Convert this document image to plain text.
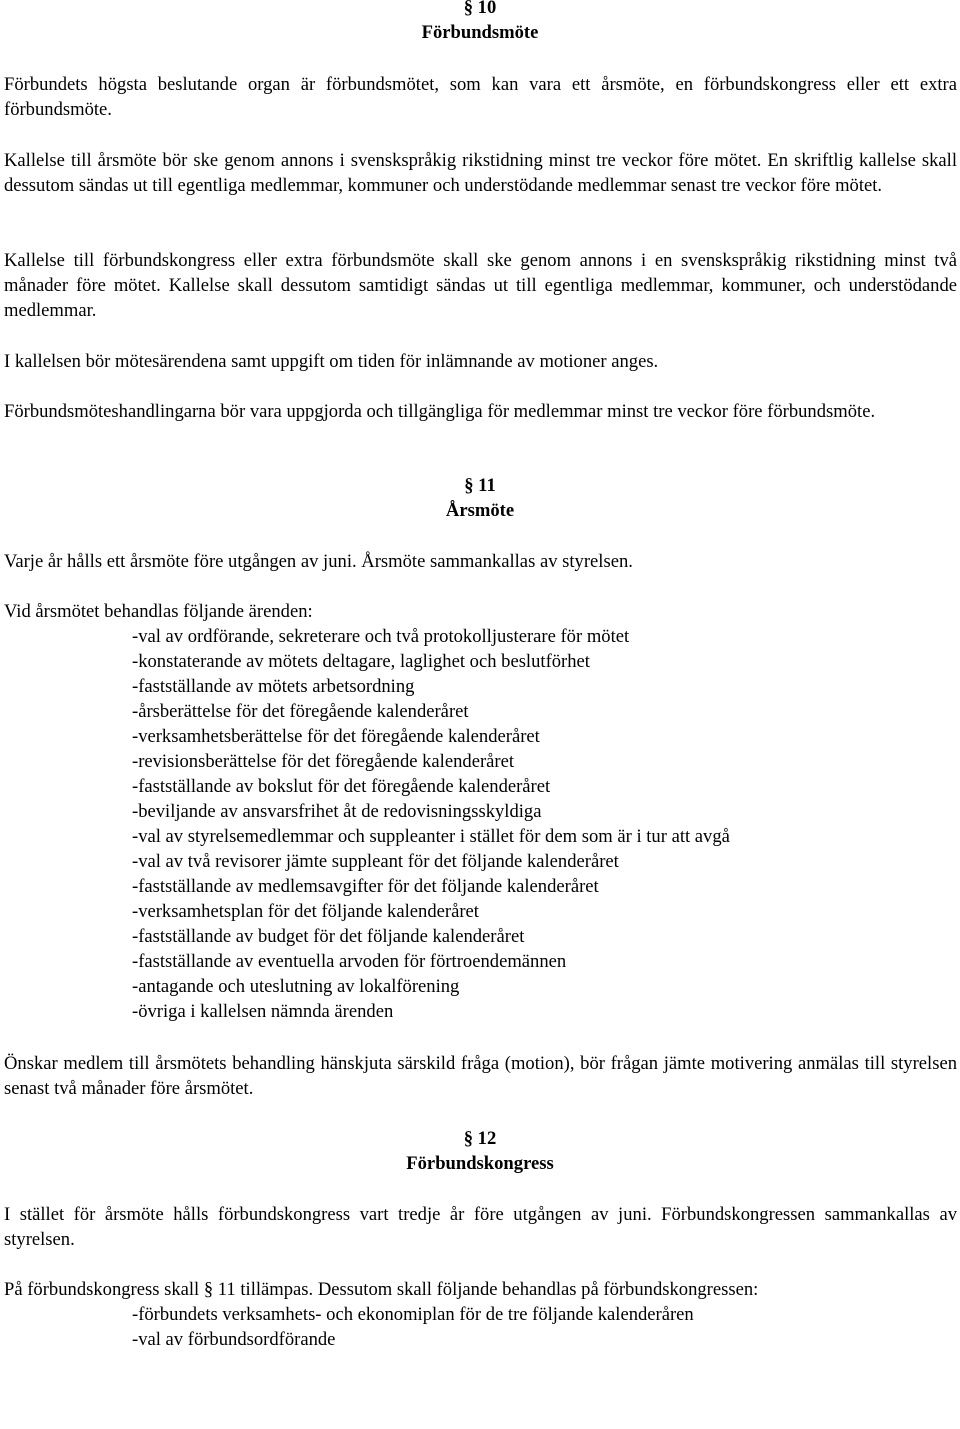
§ 10
Förbundsmöte
Förbundets högsta beslutande organ är förbundsmötet, som kan vara ett årsmöte, en förbundskongress eller ett extra förbundsmöte.
Kallelse till årsmöte bör ske genom annons i svenskspråkig rikstidning minst tre veckor före mötet. En skriftlig kallelse skall dessutom sändas ut till egentliga medlemmar, kommuner och understödande medlemmar senast tre veckor före mötet.
Kallelse till förbundskongress eller extra förbundsmöte skall ske genom annons i en svenskspråkig rikstidning minst två månader före mötet. Kallelse skall dessutom samtidigt sändas ut till egentliga medlemmar, kommuner, och understödande medlemmar.
I kallelsen bör mötesärendena samt uppgift om tiden för inlämnande av motioner anges.
Förbundsmöteshandlingarna bör vara uppgjorda och tillgängliga för medlemmar minst tre veckor före förbundsmöte.
§ 11
Årsmöte
Varje år hålls ett årsmöte före utgången av juni. Årsmöte sammankallas av styrelsen.
Vid årsmötet behandlas följande ärenden:
-val av ordförande, sekreterare och två protokolljusterare för mötet
-konstaterande av mötets deltagare, laglighet och beslutförhet
-fastställande av mötets arbetsordning
-årsberättelse för det föregående kalenderåret
-verksamhetsberättelse för det föregående kalenderåret
-revisionsberättelse för det föregående kalenderåret
-fastställande av bokslut för det föregående kalenderåret
-beviljande av ansvarsfrihet åt de redovisningsskyldiga
-val av styrelsemedlemmar och suppleanter i stället för dem som är i tur att avgå
-val av två revisorer jämte suppleant för det följande kalenderåret
-fastställande av medlemsavgifter för det följande kalenderåret
-verksamhetsplan för det följande kalenderåret
-fastställande av budget för det följande kalenderåret
-fastställande av eventuella arvoden för förtroendemännen
-antagande och uteslutning av lokalförening
-övriga i kallelsen nämnda ärenden
Önskar medlem till årsmötets behandling hänskjuta särskild fråga (motion), bör frågan jämte motivering anmälas till styrelsen senast två månader före årsmötet.
§ 12
Förbundskongress
I stället för årsmöte hålls förbundskongress vart tredje år före utgången av juni. Förbundskongressen sammankallas av styrelsen.
På förbundskongress skall § 11 tillämpas. Dessutom skall följande behandlas på förbundskongressen:
-förbundets verksamhets- och ekonomiplan för de tre följande kalenderåren
-val av förbundsordförande
